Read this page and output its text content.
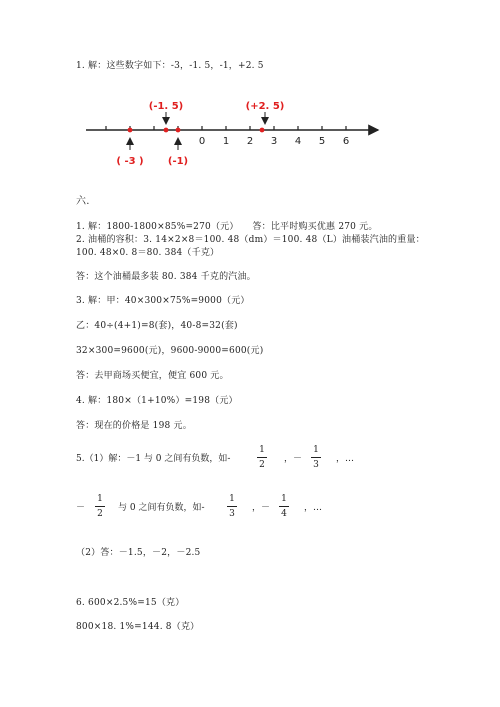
1. 解：这些数字如下：-3，-1. 5，-1，+2. 5
0 1 2 3 4 5 6
(-1. 5)	(+2. 5)
( -3 ) (-1)
六.
1. 解：1800-1800×85%=270（元）　　答：比平时购买优惠 270 元。
2. 油桶的容积：3. 14×2×8＝100. 48（dm）＝100. 48（L）油桶装汽油的重量：
100. 48×0. 8＝80. 384（千克）
答：这个油桶最多装 80. 384 千克的汽油。
3. 解：甲：40×300×75%=9000（元）
乙：40÷(4+1)=8(套)，40-8=32(套)
32×300=9600(元)，9600-9000=600(元)
答：去甲商场买便宜，便宜 600 元。
4. 解：180×（1+10%）=198（元）
答：现在的价格是 198 元。
5.（1）解：－1 与 0 之间有负数，如-
1
2
，－
1
3
，…
－
1
2
与 0 之间有负数，如-
1
3
，－
1
4
，…
（2）答：－1.5，－2，－2.5
6. 600×2.5%=15（克）
800×18. 1%=144. 8（克）
